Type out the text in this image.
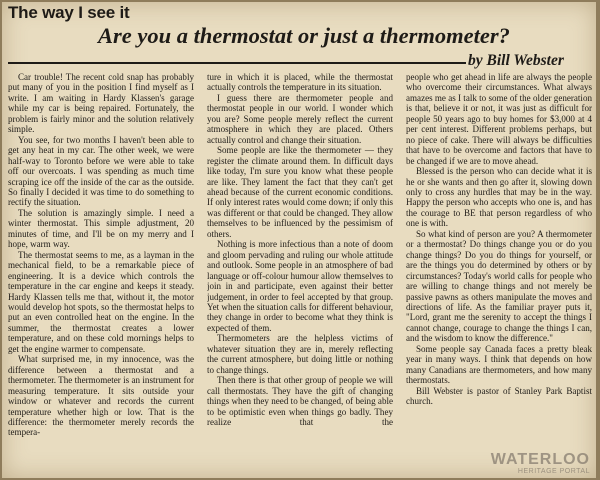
The way I see it
Are you a thermostat or just a thermometer?
by Bill Webster

Car trouble! The recent cold snap has probably put many of you in the position I find myself as I write. I am waiting in Hardy Klassen's garage while my car is being repaired. Fortunately, the problem is fairly minor and the solution relatively simple.

You see, for two months I haven't been able to get any heat in my car. The other week, we were half-way to Toronto before we were able to take off our overcoats. I was spending as much time scraping ice off the inside of the car as the outside. So finally I decided it was time to do something to rectify the situation.

The solution is amazingly simple. I need a winter thermostat. This simple adjustment, 20 minutes of time, and I'll be on my merry and I hope, warm way.

The thermostat seems to me, as a layman in the mechanical field, to be a remarkable piece of engineering. It is a device which controls the temperature in the car engine and keeps it steady. Hardy Klassen tells me that, without it, the motor would develop hot spots, so the thermostat helps to put an even controlled heat on the engine. In the summer, the thermostat creates a lower temperature, and on these cold mornings helps to get the engine warmer to compensate.

What surprised me, in my innocence, was the difference between a thermostat and a thermometer. The thermometer is an instrument for measuring temperature. It sits outside your window or whatever and records the current temperature whether high or low. That is the difference: the thermometer merely records the tempera-

ture in which it is placed, while the thermostat actually controls the temperature in its situation.

I guess there are thermometer people and thermostat people in our world. I wonder which you are? Some people merely reflect the current atmosphere in which they are placed. Others actually control and change their situation.

Some people are like the thermometer — they register the climate around them. In difficult days like today, I'm sure you know what these people are like. They lament the fact that they can't get ahead because of the current economic conditions. If only interest rates would come down; if only this was different or that could be changed. They allow themselves to be influenced by the pessimism of others.

Nothing is more infectious than a note of doom and gloom pervading and ruling our whole attitude and outlook. Some people in an atmosphere of bad language or off-colour humour allow themselves to join in and participate, even against their better judgement, in order to feel accepted by that group. Yet when the situation calls for different behaviour, they change in order to become what they think is expected of them.

Thermometers are the helpless victims of whatever situation they are in, merely reflecting the current atmosphere, but doing little or nothing to change things.

Then there is that other group of people we will call thermostats. They have the gift of changing things when they need to be changed, of being able to be optimistic even when things go badly. They realize that the

people who get ahead in life are always the people who overcome their circumstances. What always amazes me as I talk to some of the older generation is that, believe it or not, it was just as difficult for people 50 years ago to buy homes for $3,000 at 4 per cent interest. Different problems perhaps, but no piece of cake. There will always be difficulties that have to be overcome and factors that have to be changed if we are to move ahead.

Blessed is the person who can decide what it is he or she wants and then go after it, slowing down only to cross any hurdles that may be in the way. Happy the person who accepts who one is, and has the courage to BE that person regardless of who one is with.

So what kind of person are you? A thermometer or a thermostat? Do things change you or do you change things? Do you do things for yourself, or are the things you do determined by others or by circumstances? Today's world calls for people who are willing to change things and not merely be passive pawns as others manipulate the moves and directions of life. As the familiar prayer puts it, "Lord, grant me the serenity to accept the things I cannot change, courage to change the things I can, and the wisdom to know the difference."

Some people say Canada faces a pretty bleak year in many ways. I think that depends on how many Canadians are thermometers, and how many thermostats.

Bill Webster is pastor of Stanley Park Baptist church.

WATERLOO
HERITAGE PORTAL
